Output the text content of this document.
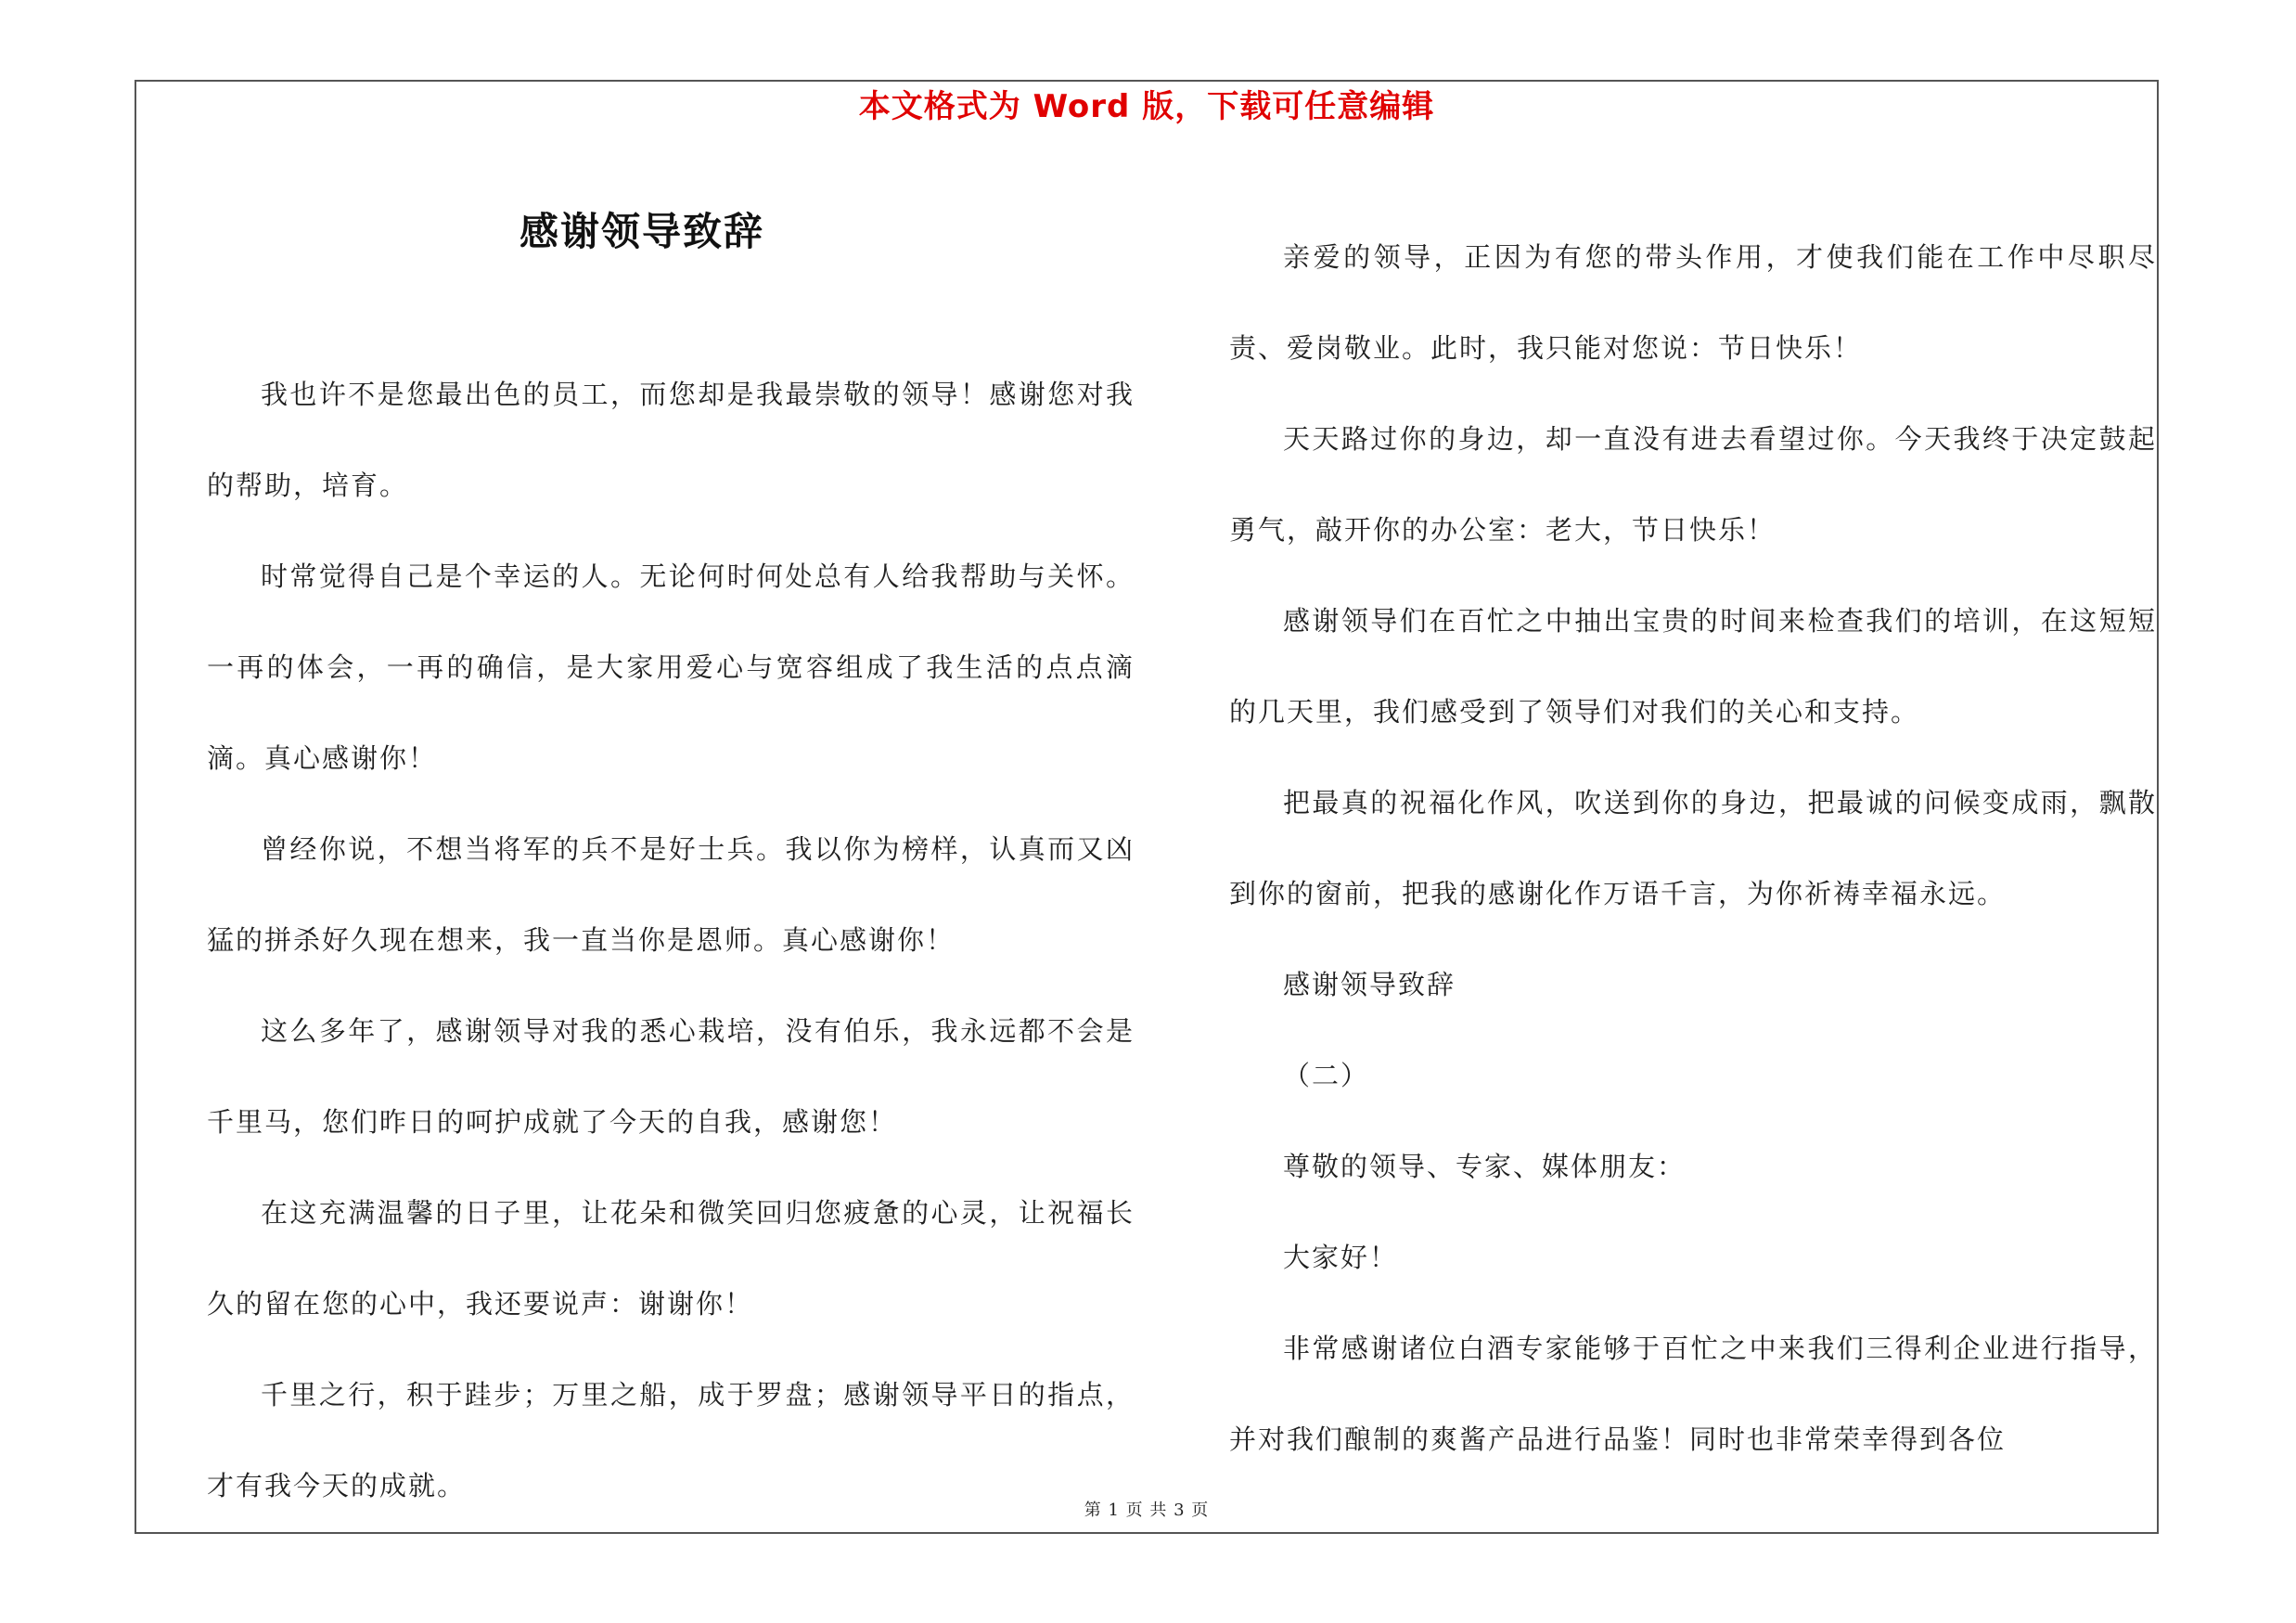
本文格式为 Word 版，下载可任意编辑
感谢领导致辞

我也许不是您最出色的员工，而您却是我最崇敬的领导！感谢您对我的帮助，培育。

时常觉得自己是个幸运的人。无论何时何处总有人给我帮助与关怀。一再的体会，一再的确信，是大家用爱心与宽容组成了我生活的点点滴滴。真心感谢你！

曾经你说，不想当将军的兵不是好士兵。我以你为榜样，认真而又凶猛的拼杀好久现在想来，我一直当你是恩师。真心感谢你！

这么多年了，感谢领导对我的悉心栽培，没有伯乐，我永远都不会是千里马，您们昨日的呵护成就了今天的自我，感谢您！

在这充满温馨的日子里，让花朵和微笑回归您疲惫的心灵，让祝福长久的留在您的心中，我还要说声：谢谢你！

千里之行，积于跬步；万里之船，成于罗盘；感谢领导平日的指点，才有我今天的成就。

亲爱的领导，正因为有您的带头作用，才使我们能在工作中尽职尽责、爱岗敬业。此时，我只能对您说：节日快乐！

天天路过你的身边，却一直没有进去看望过你。今天我终于决定鼓起勇气，敲开你的办公室：老大，节日快乐！

感谢领导们在百忙之中抽出宝贵的时间来检查我们的培训，在这短短的几天里，我们感受到了领导们对我们的关心和支持。

把最真的祝福化作风，吹送到你的身边，把最诚的问候变成雨，飘散到你的窗前，把我的感谢化作万语千言，为你祈祷幸福永远。

感谢领导致辞

（二）

尊敬的领导、专家、媒体朋友：

大家好！

非常感谢诸位白酒专家能够于百忙之中来我们三得利企业进行指导，并对我们酿制的爽酱产品进行品鉴！同时也非常荣幸得到各位

第 1 页 共 3 页
